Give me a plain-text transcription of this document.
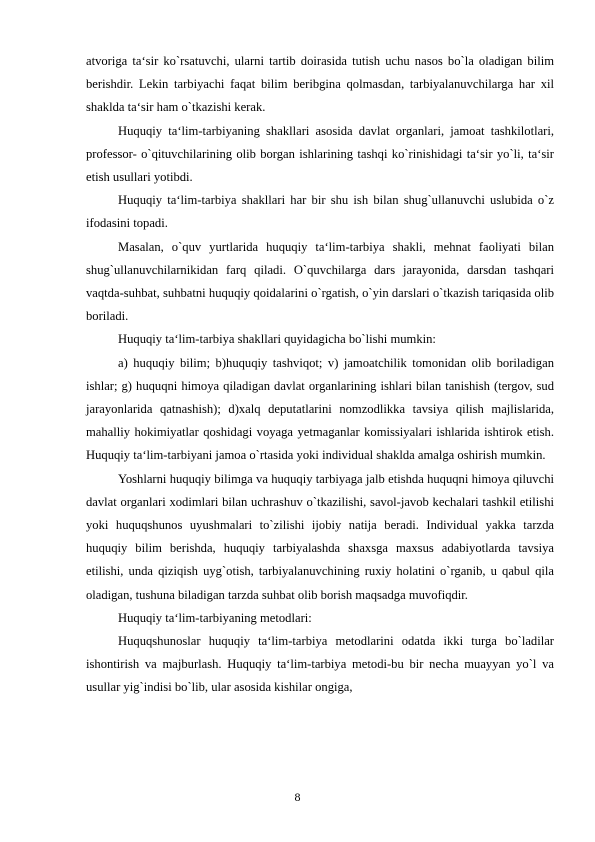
atvoriga ta‘sir ko`rsatuvchi, ularni tartib doirasida tutish uchu nasos bo`la oladigan bilim berishdir. Lekin tarbiyachi faqat bilim beribgina qolmasdan, tarbiyalanuvchilarga har xil shaklda ta‘sir ham o`tkazishi kerak.

Huquqiy ta‘lim-tarbiyaning shakllari asosida davlat organlari, jamoat tashkilotlari, professor- o`qituvchilarining olib borgan ishlarining tashqi ko`rinishidagi ta‘sir yo`li, ta‘sir etish usullari yotibdi.

Huquqiy ta‘lim-tarbiya shakllari har bir shu ish bilan shug`ullanuvchi uslubida o`z ifodasini topadi.

Masalan, o`quv yurtlarida huquqiy ta‘lim-tarbiya shakli, mehnat faoliyati bilan shug`ullanuvchilarnikidan farq qiladi. O`quvchilarga dars jarayonida, darsdan tashqari vaqtda-suhbat, suhbatni huquqiy qoidalarini o`rgatish, o`yin darslari o`tkazish tariqasida olib boriladi.

Huquqiy ta‘lim-tarbiya shakllari quyidagicha bo`lishi mumkin:

a) huquqiy bilim; b)huquqiy tashviqot; v) jamoatchilik tomonidan olib boriladigan ishlar; g) huquqni himoya qiladigan davlat organlarining ishlari bilan tanishish (tergov, sud jarayonlarida qatnashish); d)xalq deputatlarini nomzodlikka tavsiya qilish majlislarida, mahalliy hokimiyatlar qoshidagi voyaga yetmaganlar komissiyalari ishlarida ishtirok etish. Huquqiy ta‘lim-tarbiyani jamoa o`rtasida yoki individual shaklda amalga oshirish mumkin.

Yoshlarni huquqiy bilimga va huquqiy tarbiyaga jalb etishda huquqni himoya qiluvchi davlat organlari xodimlari bilan uchrashuv o`tkazilishi, savol-javob kechalari tashkil etilishi yoki huquqshunos uyushmalari to`zilishi ijobiy natija beradi. Individual yakka tarzda huquqiy bilim berishda, huquqiy tarbiyalashda shaxsga maxsus adabiyotlarda tavsiya etilishi, unda qiziqish uyg`otish, tarbiyalanuvchining ruxiy holatini o`rganib, u qabul qila oladigan, tushuna biladigan tarzda suhbat olib borish maqsadga muvofiqdir.

Huquqiy ta‘lim-tarbiyaning metodlari:

Huquqshunoslar huquqiy ta‘lim-tarbiya metodlarini odatda ikki turga bo`ladilar ishontirish va majburlash. Huquqiy ta‘lim-tarbiya metodi-bu bir necha muayyan yo`l va usullar yig`indisi bo`lib, ular asosida kishilar ongiga,

8
